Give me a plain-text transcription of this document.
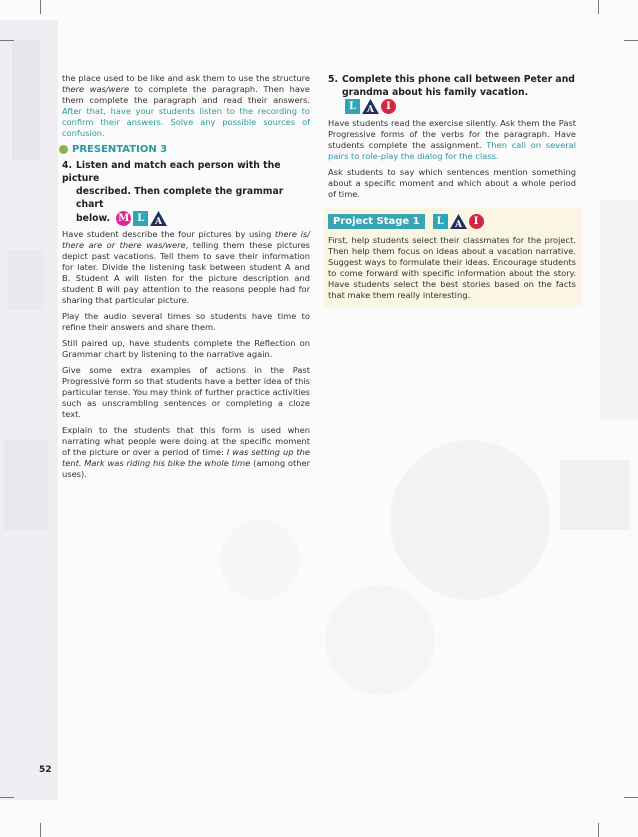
the place used to be like and ask them to use the structure there was/were to complete the paragraph. Then have them complete the paragraph and read their answers. After that, have your students listen to the recording to confirm their answers. Solve any possible sources of confusion.

PRESENTATION 3
4. Listen and match each person with the picture
described. Then complete the grammar chart
below. M L	A

Have student describe the four pictures by using there is/ there are or there was/were, telling them these pictures depict past vacations. Tell them to save their information for later. Divide the listening task between student A and B. Student A will listen for the picture description and student B will pay attention to the reasons people had for sharing that particular picture.

Play the audio several times so students have time to refine their answers and share them.

Still paired up, have students complete the Reflection on Grammar chart by listening to the narrative again.

Give some extra examples of actions in the Past Progressive form so that students have a better idea of this particular tense. You may think of further practice activities such as unscrambling sentences or completing a cloze text.

Explain to the students that this form is used when narrating what people were doing at the specific moment of the picture or over a period of time: I was setting up the tent. Mark was riding his bike the whole time (among other uses).

5. Complete this phone call between Peter and
grandma about his family vacation.
L	A	I

Have students read the exercise silently. Ask them the Past Progressive forms of the verbs for the paragraph. Have students complete the assignment. Then call on several pairs to role-play the dialog for the class.

Ask students to say which sentences mention something about a specific moment and which about a whole period of time.

Project Stage 1	L	A	I

First, help students select their classmates for the project. Then help them focus on ideas about a vacation narrative. Suggest ways to formulate their ideas. Encourage students to come forward with specific information about the story. Have students select the best stories based on the facts that make them really interesting.

52
